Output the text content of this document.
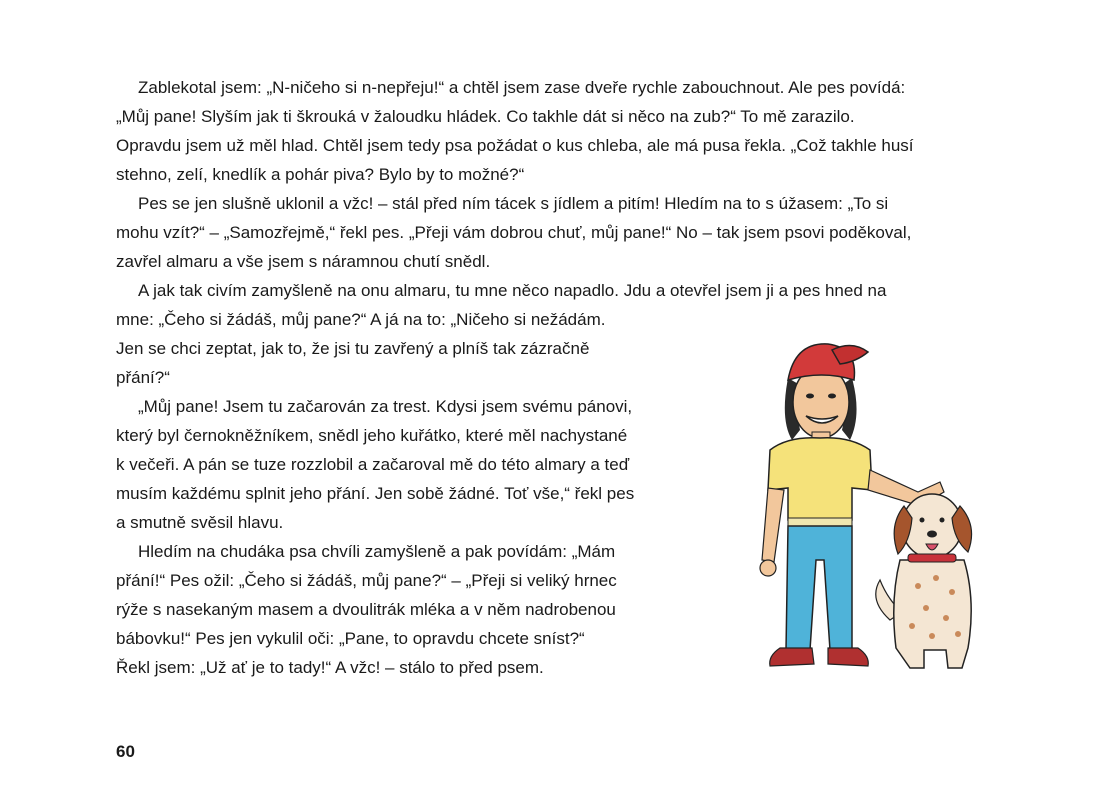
Zablekotal jsem: „N-ničeho si n-nepřeju!“ a chtěl jsem zase dveře rychle zabouchnout. Ale pes povídá:
„Můj pane! Slyším jak ti škrouká v žaloudku hládek. Co takhle dát si něco na zub?“ To mě zarazilo.
Opravdu jsem už měl hlad. Chtěl jsem tedy psa požádat o kus chleba, ale má pusa řekla. „Což takhle husí
stehno, zelí, knedlík a pohár piva? Bylo by to možné?“
Pes se jen slušně uklonil a vžc! – stál před ním tácek s jídlem a pitím! Hledím na to s úžasem: „To si
mohu vzít?“ – „Samozřejmě,“ řekl pes. „Přeji vám dobrou chuť, můj pane!“ No – tak jsem psovi poděkoval,
zavřel almaru a vše jsem s náramnou chutí snědl.
A jak tak civím zamyšleně na onu almaru, tu mne něco napadlo. Jdu a otevřel jsem ji a pes hned na
mne: „Čeho si žádáš, můj pane?“ A já na to: „Ničeho si nežádám.
Jen se chci zeptat, jak to, že jsi tu zavřený a plníš tak zázračně
přání?“
„Můj pane! Jsem tu začarován za trest. Kdysi jsem svému pánovi,
který byl černokněžníkem, snědl jeho kuřátko, které měl nachystané
k večeři. A pán se tuze rozzlobil a začaroval mě do této almary a teď
musím každému splnit jeho přání. Jen sobě žádné. Toť vše,“ řekl pes
a smutně svěsil hlavu.
Hledím na chudáka psa chvíli zamyšleně a pak povídám: „Mám
přání!“ Pes ožil: „Čeho si žádáš, můj pane?“ – „Přeji si veliký hrnec
rýže s nasekaným masem a dvoulitrák mléka a v něm nadrobenou
bábovku!“ Pes jen vykulil oči: „Pane, to opravdu chcete sníst?“
Řekl jsem: „Už ať je to tady!“ A vžc! – stálo to před psem.
60
